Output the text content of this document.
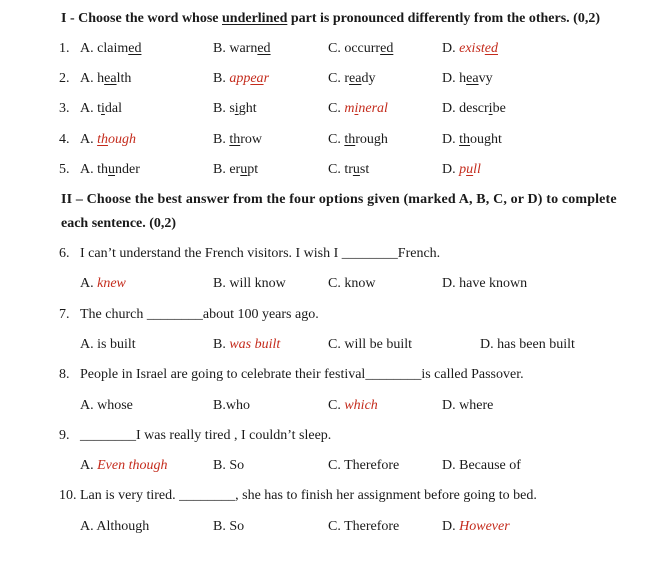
I - Choose the word whose underlined part is pronounced differently from the others. (0,2)
1. A. claimed	B. warned	C. occurred	D. existed
2. A. health	B. appear	C. ready	D. heavy
3. A. tidal	B. sight	C. mineral	D. describe
4. A. though	B. throw	C. through	D. thought
5. A. thunder	B. erupt	C. trust	D. pull
II – Choose the best answer from the four options given (marked A, B, C, or D) to complete
each sentence. (0,2)
6. I can’t understand the French visitors. I wish I ________French.
A. knew	B. will know	C. know	D. have known
7. The church ________about 100 years ago.
A. is built	B. was built	C. will be built	D. has been built
8. People in Israel are going to celebrate their festival________is called Passover.
A. whose	B.who	C. which	D. where
9. ________I was really tired , I couldn’t sleep.
A. Even though	B. So	C. Therefore	D. Because of
10. Lan is very tired. ________, she has to finish her assignment before going to bed.
A. Although	B. So	C. Therefore	D. However
